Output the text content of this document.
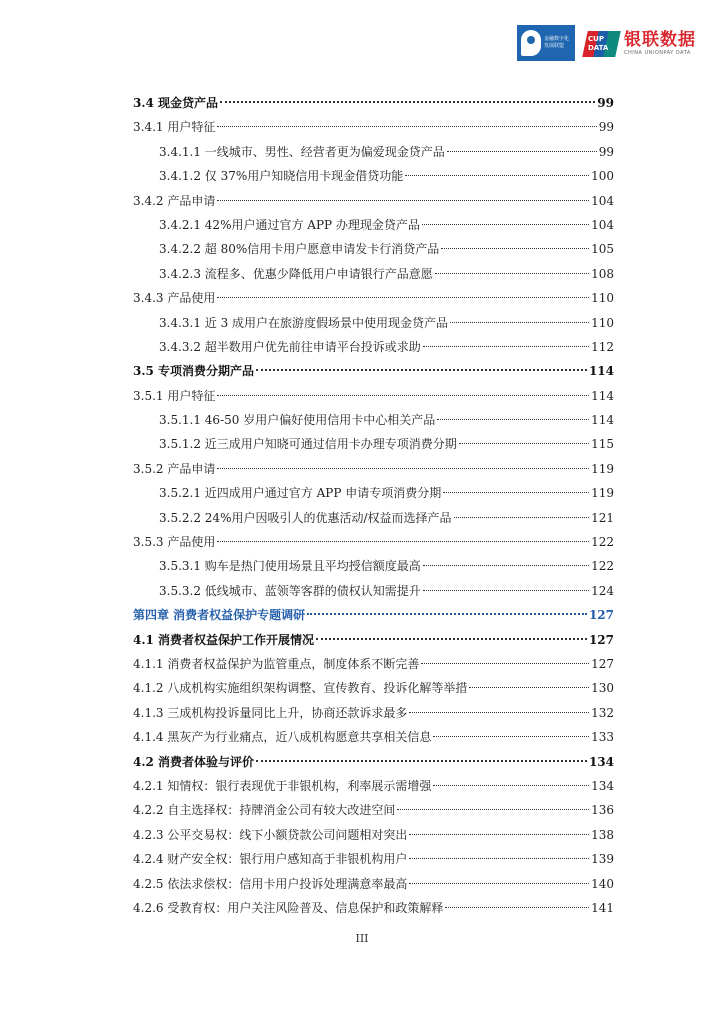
金融数字化
发展联盟
CUP
DATA 银联数据
CHINA UNIONPAY DATA
3.4 现金贷产品	99
3.4.1 用户特征	99
3.4.1.1 一线城市、男性、经营者更为偏爱现金贷产品	99
3.4.1.2 仅 37%用户知晓信用卡现金借贷功能	100
3.4.2 产品申请	104
3.4.2.1 42%用户通过官方 APP 办理现金贷产品	104
3.4.2.2 超 80%信用卡用户愿意申请发卡行消贷产品	105
3.4.2.3 流程多、优惠少降低用户申请银行产品意愿	108
3.4.3 产品使用	110
3.4.3.1 近 3 成用户在旅游度假场景中使用现金贷产品	110
3.4.3.2 超半数用户优先前往申请平台投诉或求助	112
3.5 专项消费分期产品	114
3.5.1 用户特征	114
3.5.1.1 46-50 岁用户偏好使用信用卡中心相关产品	114
3.5.1.2 近三成用户知晓可通过信用卡办理专项消费分期	115
3.5.2 产品申请	119
3.5.2.1 近四成用户通过官方 APP 申请专项消费分期	119
3.5.2.2 24%用户因吸引人的优惠活动/权益而选择产品	121
3.5.3 产品使用	122
3.5.3.1 购车是热门使用场景且平均授信额度最高	122
3.5.3.2 低线城市、蓝领等客群的债权认知需提升	124
第四章 消费者权益保护专题调研	127
4.1 消费者权益保护工作开展情况	127
4.1.1 消费者权益保护为监管重点，制度体系不断完善	127
4.1.2 八成机构实施组织架构调整、宣传教育、投诉化解等举措	130
4.1.3 三成机构投诉量同比上升，协商还款诉求最多	132
4.1.4 黑灰产为行业痛点，近八成机构愿意共享相关信息	133
4.2 消费者体验与评价	134
4.2.1 知情权：银行表现优于非银机构，利率展示需增强	134
4.2.2 自主选择权：持牌消金公司有较大改进空间	136
4.2.3 公平交易权：线下小额贷款公司问题相对突出	138
4.2.4 财产安全权：银行用户感知高于非银机构用户	139
4.2.5 依法求偿权：信用卡用户投诉处理满意率最高	140
4.2.6 受教育权：用户关注风险普及、信息保护和政策解释	141
III
